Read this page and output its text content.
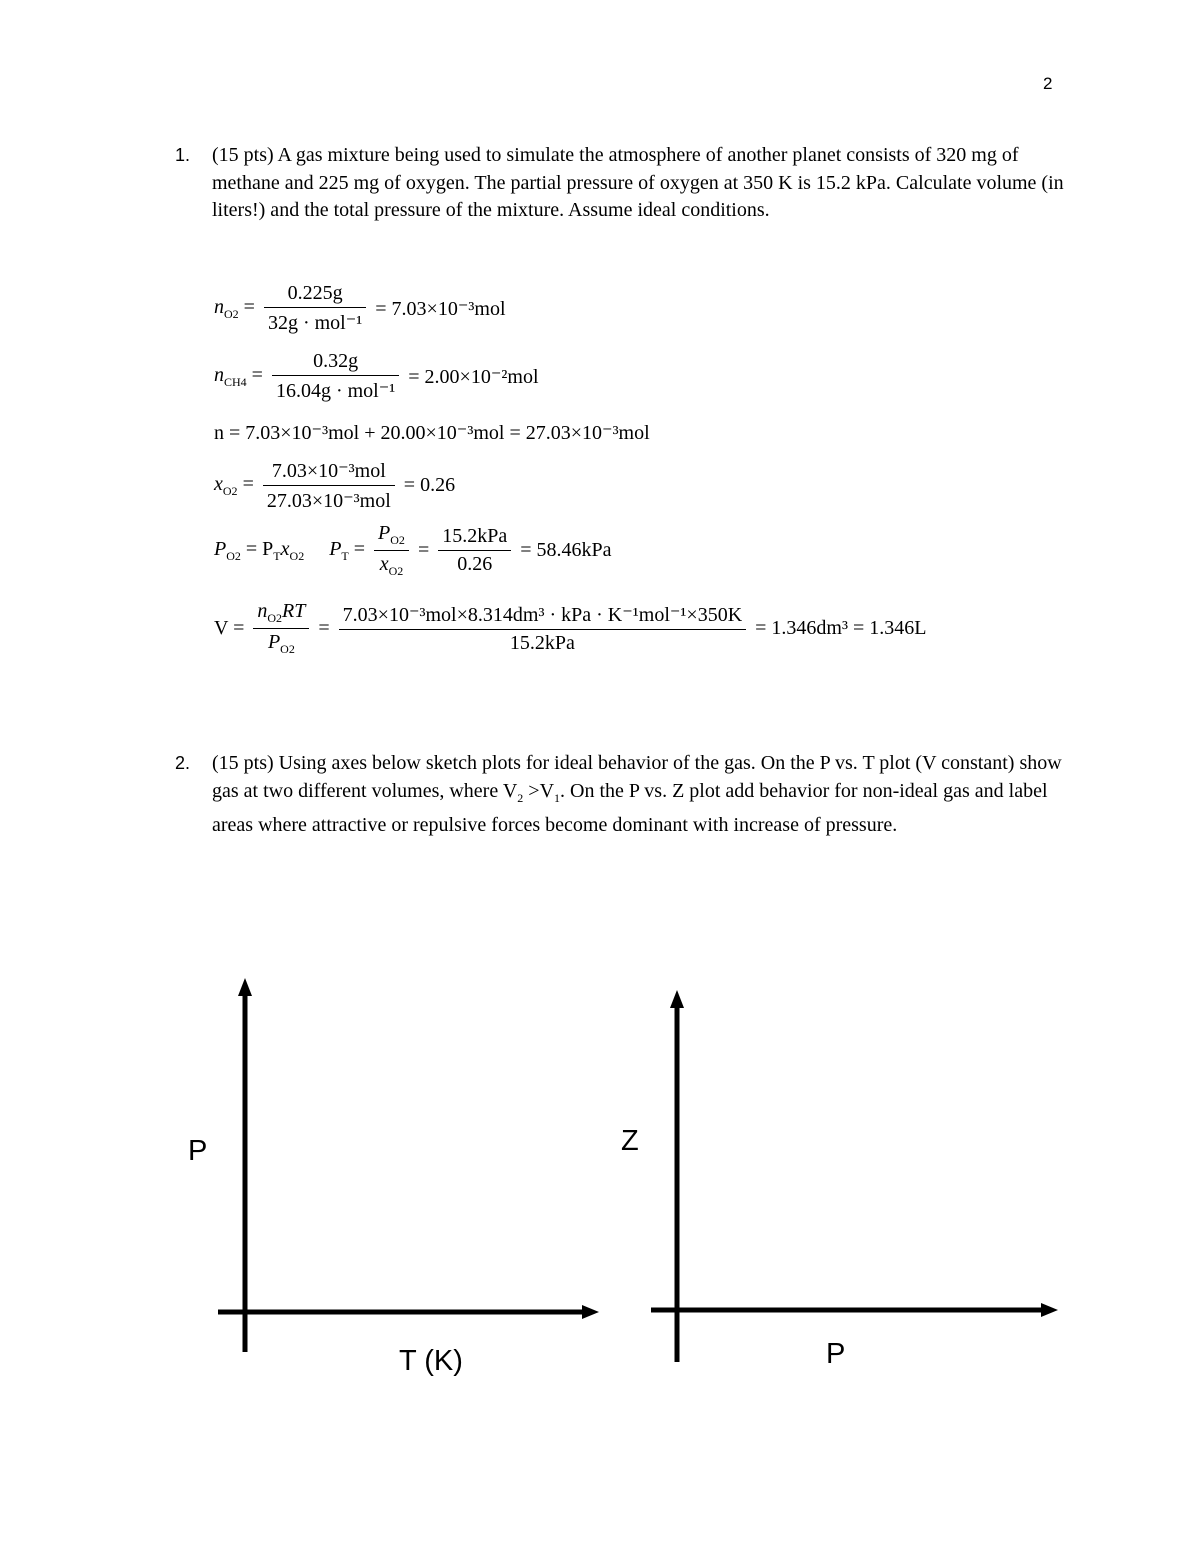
2
1.	(15 pts) A gas mixture being used to simulate the atmosphere of another planet consists of 320 mg of methane and 225 mg of oxygen. The partial pressure of oxygen at 350 K is 15.2 kPa. Calculate volume (in liters!) and the total pressure of the mixture. Assume ideal conditions.
$n_{O2} = \frac{0.225g}{\text{32g · mol⁻¹}} = 7.03\times 10^{-3}mol$
$n_{CH4} = \frac{0.32g}{\text{16.04g · mol⁻¹}} = 2.00\times 10^{-2}mol$
n = 7.03×10⁻³mol + 20.00×10⁻³mol = 27.03×10⁻³mol
$x_{O2} = \frac{\text{7.03×10⁻³mol}}{\text{27.03×10⁻³mol}} = 0.26$
$P_{O2} = P_Tx_{O2}$ $P_T = \frac{P_{O2}}{x_{O2}} = \frac{\text{15.2kPa}}{0.26} = 58.46kPa$
$V = \frac{n_{O2}RT}{P_{O2}} = \frac{\text{7.03×10⁻³mol×8.314dm³ · kPa · K⁻¹mol⁻¹×350K}}{\text{15.2kPa}} = 1.346dm^3 = 1.346L$
2.	(15 pts) Using axes below sketch plots for ideal behavior of the gas. On the P vs. T plot (V constant) show gas at two different volumes, where $V_2 >V_1$. On the P vs. Z plot add behavior for non-ideal gas and label areas where attractive or repulsive forces become dominant with increase of pressure.
P
T (K)
Z
P
